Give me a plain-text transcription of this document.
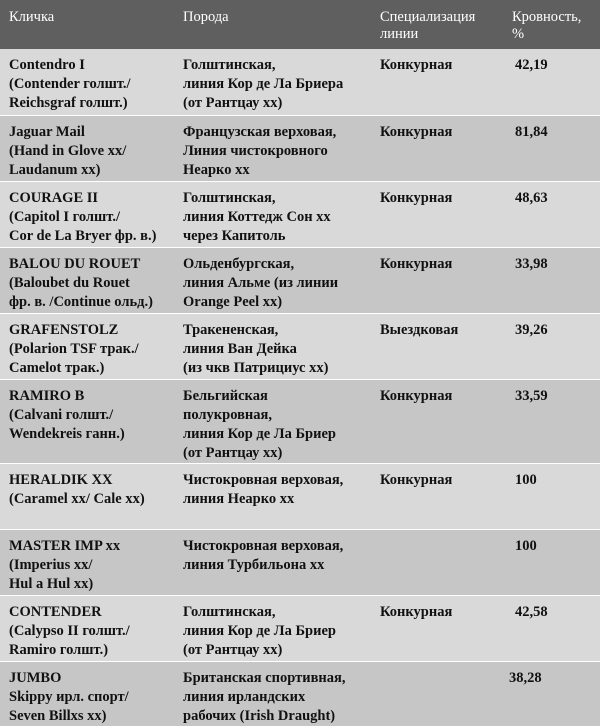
Кличка	Порода	Специализация линии	Кровность, %
Contendro I
(Contender голшт./
Reichsgraf голшт.)	Голштинская,
линия Кор де Ла Бриера
(от Рантцау хх)	Конкурная	42,19
Jaguar Mail
(Hand in Glove хх/
Laudanum хх)	Французская верховая,
Линия чистокровного
Неарко хх	Конкурная	81,84
COURAGE II
(Capitol I голшт./
Cor de La Bryer фр. в.)	Голштинская,
линия Коттедж Сон хх
через Капитоль	Конкурная	48,63
BALOU DU ROUET
(Baloubet du Rouet
фр. в. /Continue ольд.)	Ольденбургская,
линия Альме (из линии
Orange Peel хх)	Конкурная	33,98
GRAFENSTOLZ
(Polarion TSF трак./
Camelot трак.)	Тракененская,
линия Ван Дейка
(из чкв Патрициус хх)	Выездковая	39,26
RAMIRO B
(Calvani голшт./
Wendekreis ганн.)	Бельгийская
полукровная,
линия Кор де Ла Бриер
(от Рантцау хх)	Конкурная	33,59
HERALDIK XX
(Caramel хх/ Cale хх)	Чистокровная верховая,
линия Неарко хх	Конкурная	100
MASTER IMP хх
(Imperius хх/
Hul a Hul хх)	Чистокровная верховая,
линия Турбильона хх		100
CONTENDER
(Calypso II голшт./
Ramiro голшт.)	Голштинская,
линия Кор де Ла Бриер
(от Рантцау хх)	Конкурная	42,58
JUMBO
Skippy ирл. спорт/
Seven Billxs хх)	Британская спортивная,
линия ирландских
рабочих (Irish Draught)		38,28
